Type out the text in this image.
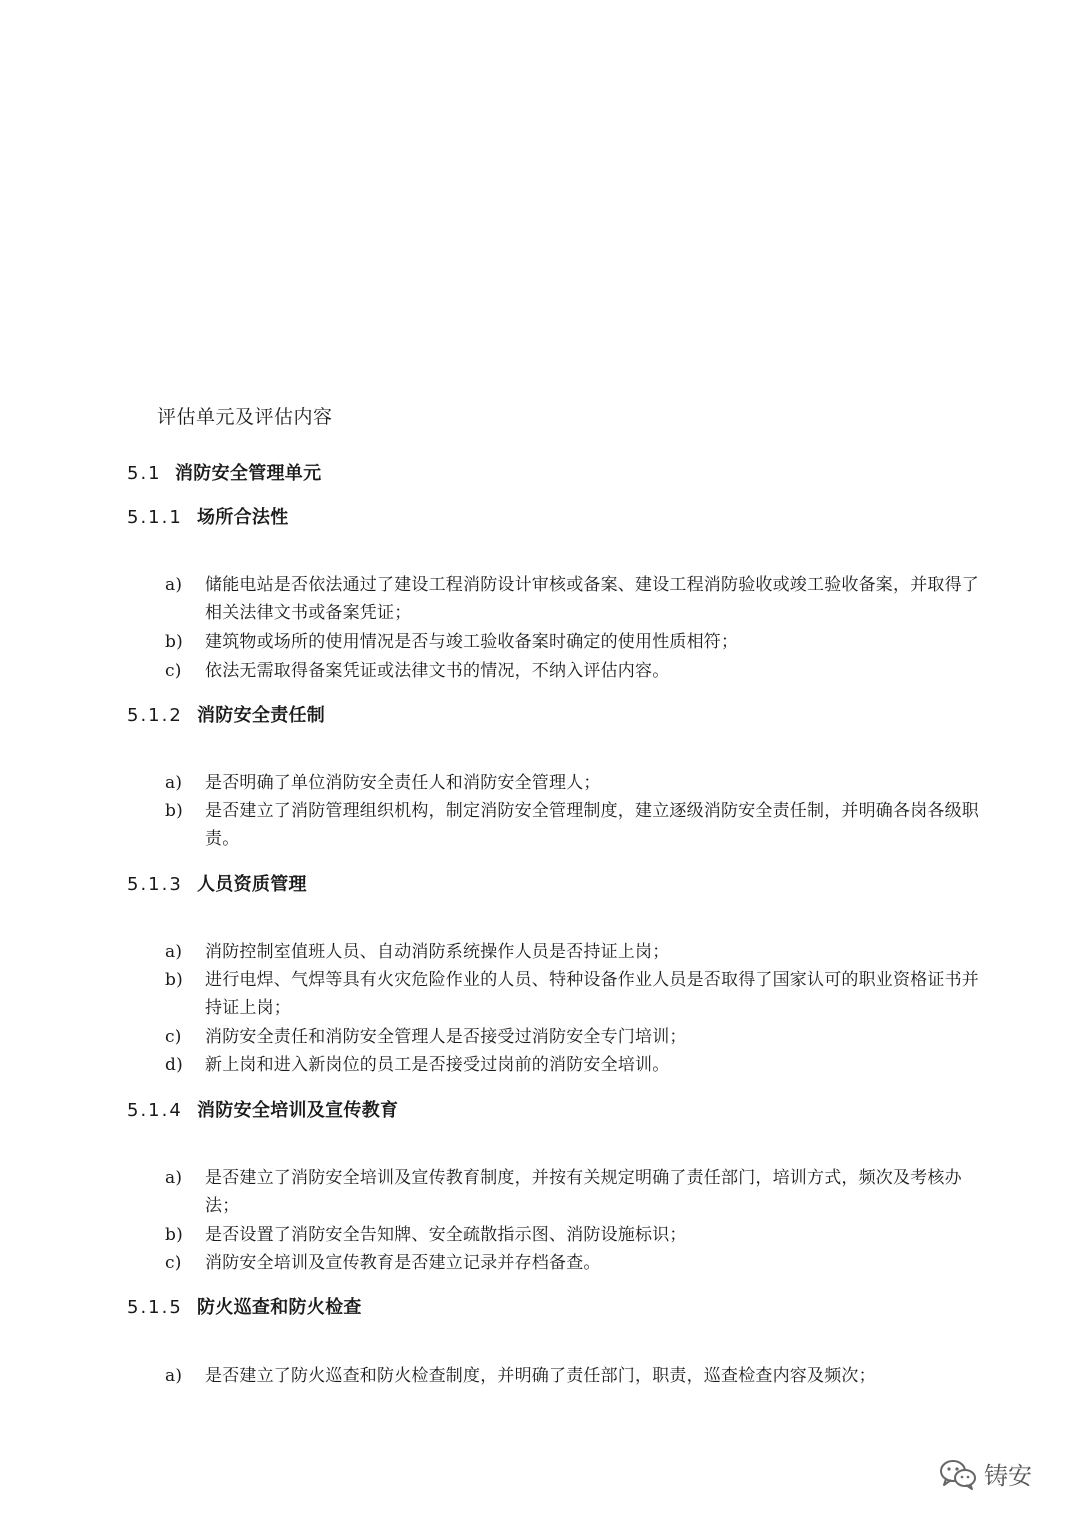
评估单元及评估内容
5.1 消防安全管理单元
5.1.1 场所合法性
a)	储能电站是否依法通过了建设工程消防设计审核或备案、建设工程消防验收或竣工验收备案，并取得了相关法律文书或备案凭证；
b)	建筑物或场所的使用情况是否与竣工验收备案时确定的使用性质相符；
c)	依法无需取得备案凭证或法律文书的情况，不纳入评估内容。
5.1.2 消防安全责任制
a)	是否明确了单位消防安全责任人和消防安全管理人；
b)	是否建立了消防管理组织机构，制定消防安全管理制度，建立逐级消防安全责任制，并明确各岗各级职责。
5.1.3 人员资质管理
a)	消防控制室值班人员、自动消防系统操作人员是否持证上岗；
b)	进行电焊、气焊等具有火灾危险作业的人员、特种设备作业人员是否取得了国家认可的职业资格证书并持证上岗；
c)	消防安全责任和消防安全管理人是否接受过消防安全专门培训；
d)	新上岗和进入新岗位的员工是否接受过岗前的消防安全培训。
5.1.4 消防安全培训及宣传教育
a)	是否建立了消防安全培训及宣传教育制度，并按有关规定明确了责任部门，培训方式，频次及考核办法；
b)	是否设置了消防安全告知牌、安全疏散指示图、消防设施标识；
c)	消防安全培训及宣传教育是否建立记录并存档备查。
5.1.5 防火巡查和防火检查
a)	是否建立了防火巡查和防火检查制度，并明确了责任部门，职责，巡查检查内容及频次；
铸安
